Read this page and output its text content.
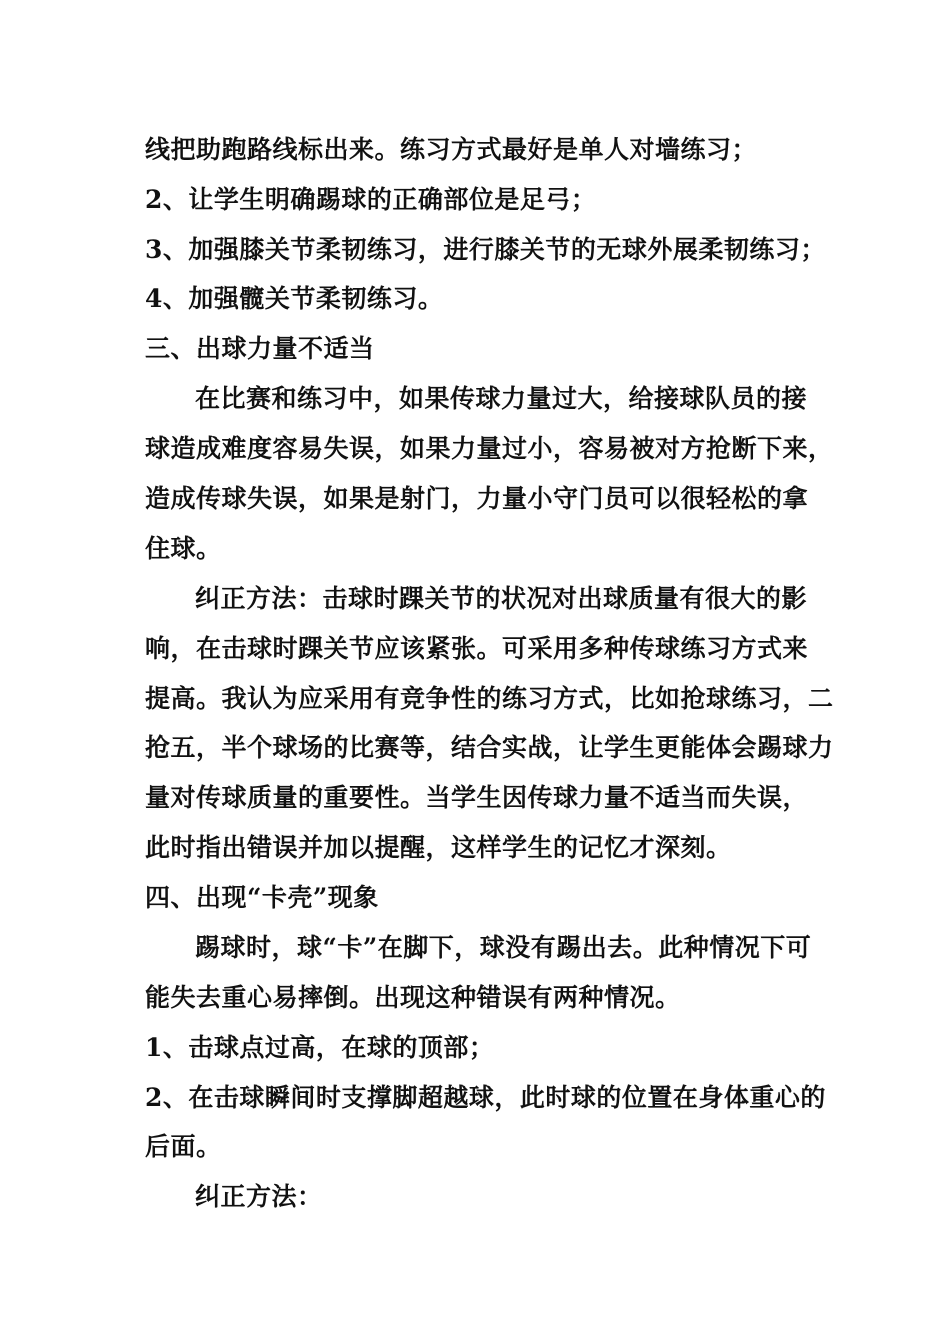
线把助跑路线标出来。练习方式最好是单人对墙练习；
2、让学生明确踢球的正确部位是足弓；
3、加强膝关节柔韧练习，进行膝关节的无球外展柔韧练习；
4、加强髋关节柔韧练习。
三、出球力量不适当
在比赛和练习中，如果传球力量过大，给接球队员的接
球造成难度容易失误，如果力量过小，容易被对方抢断下来，
造成传球失误，如果是射门，力量小守门员可以很轻松的拿
住球。
纠正方法：击球时踝关节的状况对出球质量有很大的影
响，在击球时踝关节应该紧张。可采用多种传球练习方式来
提高。我认为应采用有竞争性的练习方式，比如抢球练习，二
抢五，半个球场的比赛等，结合实战，让学生更能体会踢球力
量对传球质量的重要性。当学生因传球力量不适当而失误，
此时指出错误并加以提醒，这样学生的记忆才深刻。
四、出现“卡壳”现象
踢球时，球“卡”在脚下，球没有踢出去。此种情况下可
能失去重心易摔倒。出现这种错误有两种情况。
1、击球点过高，在球的顶部；
2、在击球瞬间时支撑脚超越球，此时球的位置在身体重心的
后面。
纠正方法：
